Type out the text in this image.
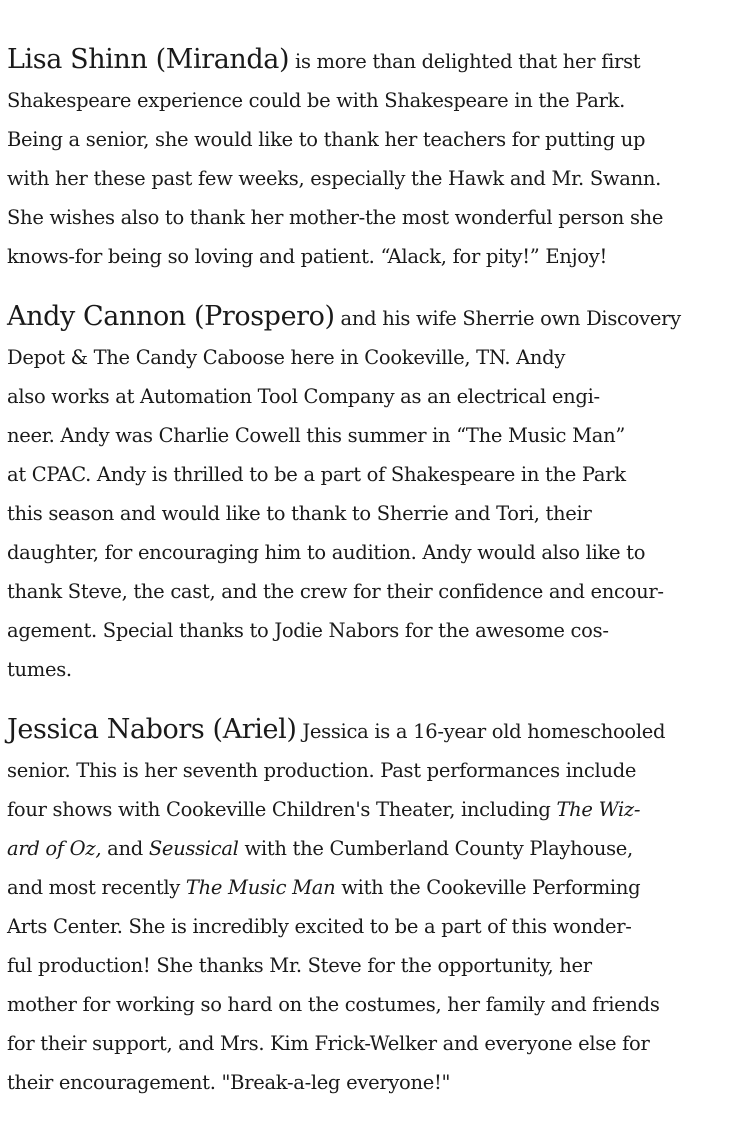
Lisa Shinn (Miranda) is more than delighted that her first
Shakespeare experience could be with Shakespeare in the Park.
Being a senior, she would like to thank her teachers for putting up
with her these past few weeks, especially the Hawk and Mr. Swann.
She wishes also to thank her mother-the most wonderful person she
knows-for being so loving and patient. “Alack, for pity!” Enjoy!

Andy Cannon (Prospero) and his wife Sherrie own Discovery
Depot & The Candy Caboose here in Cookeville, TN. Andy
also works at Automation Tool Company as an electrical engi-
neer. Andy was Charlie Cowell this summer in “The Music Man”
at CPAC. Andy is thrilled to be a part of Shakespeare in the Park
this season and would like to thank to Sherrie and Tori, their
daughter, for encouraging him to audition. Andy would also like to
thank Steve, the cast, and the crew for their confidence and encour-
agement. Special thanks to Jodie Nabors for the awesome cos-
tumes.

Jessica Nabors (Ariel) Jessica is a 16-year old homeschooled
senior. This is her seventh production. Past performances include
four shows with Cookeville Children's Theater, including The Wiz-
ard of Oz, and Seussical with the Cumberland County Playhouse,
and most recently The Music Man with the Cookeville Performing
Arts Center. She is incredibly excited to be a part of this wonder-
ful production! She thanks Mr. Steve for the opportunity, her
mother for working so hard on the costumes, her family and friends
for their support, and Mrs. Kim Frick-Welker and everyone else for
their encouragement. "Break-a-leg everyone!"
